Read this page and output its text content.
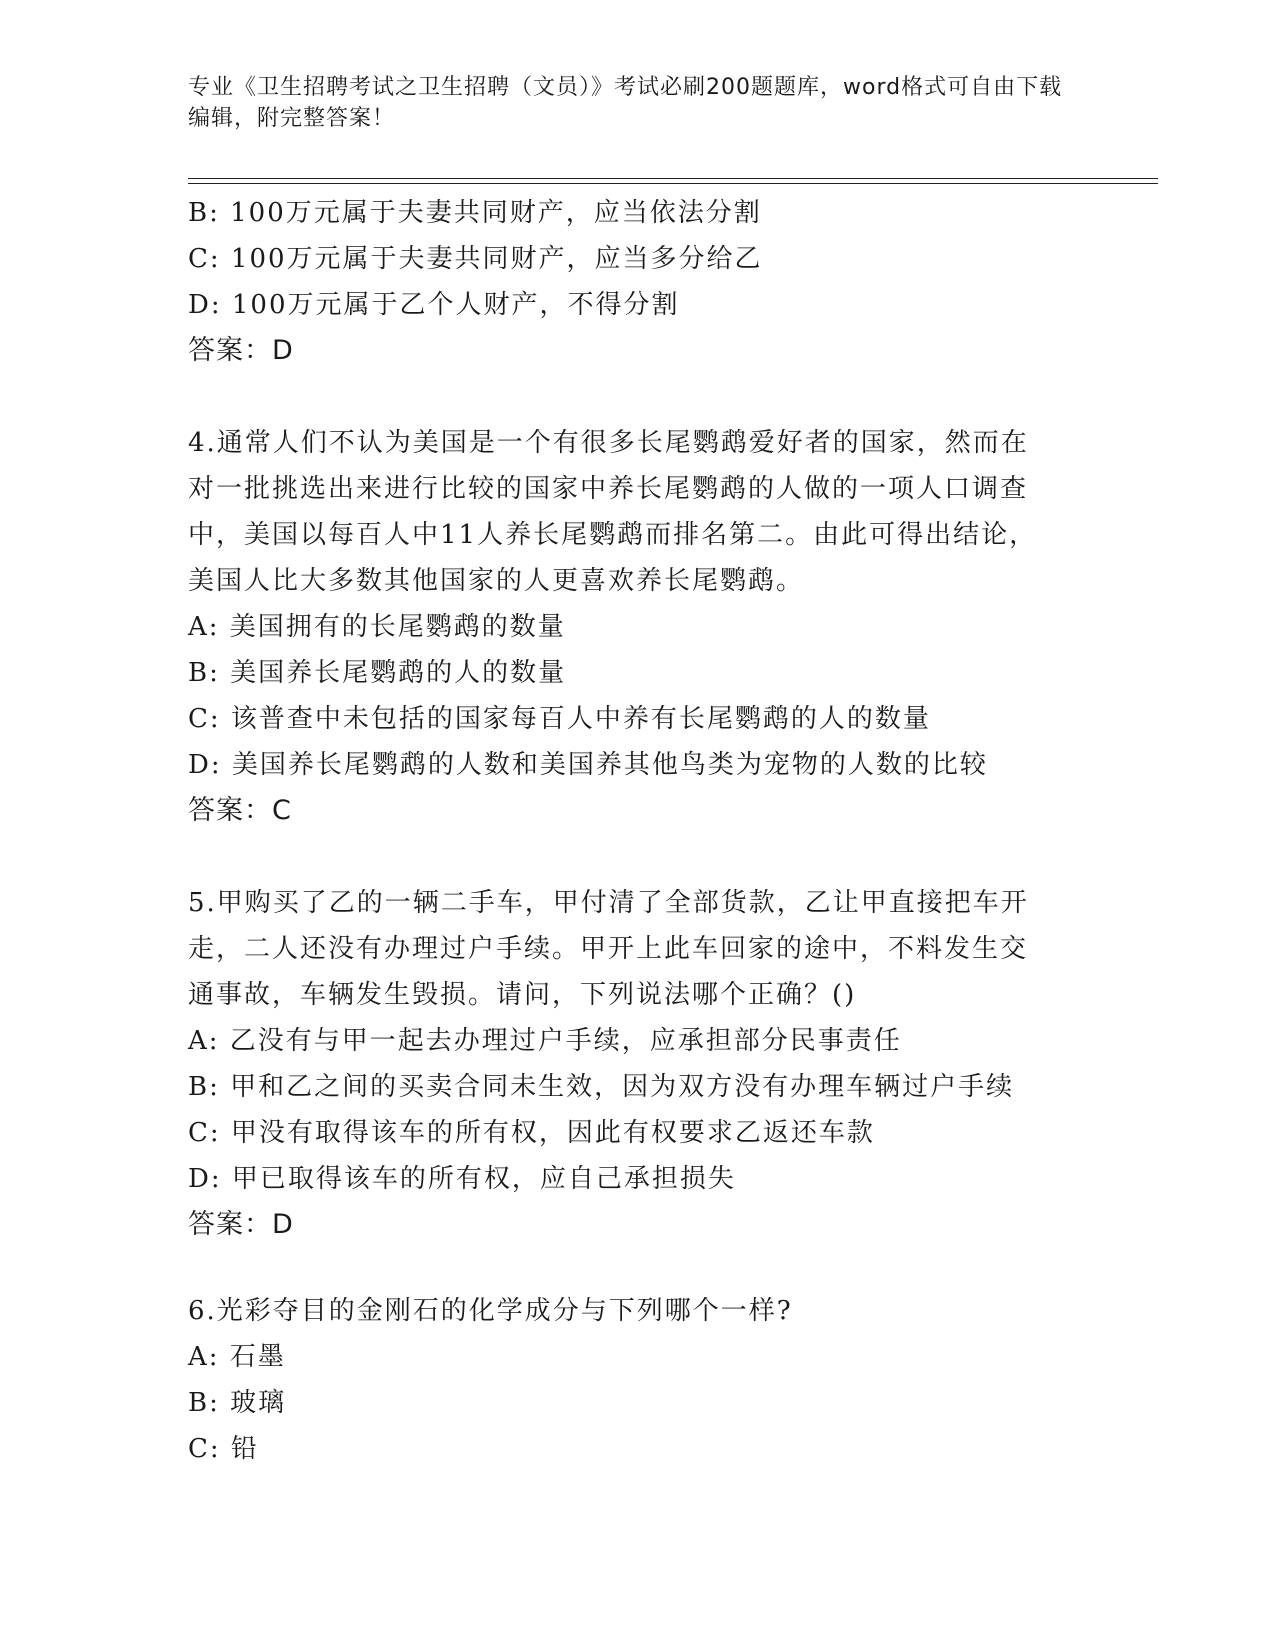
专业《卫生招聘考试之卫生招聘（文员）》考试必刷200题题库，word格式可自由下载编辑，附完整答案！
B: 100万元属于夫妻共同财产，应当依法分割
C: 100万元属于夫妻共同财产，应当多分给乙
D: 100万元属于乙个人财产，不得分割
答案：D
4.通常人们不认为美国是一个有很多长尾鹦鹉爱好者的国家，然而在
对一批挑选出来进行比较的国家中养长尾鹦鹉的人做的一项人口调查
中，美国以每百人中11人养长尾鹦鹉而排名第二。由此可得出结论，
美国人比大多数其他国家的人更喜欢养长尾鹦鹉。
A: 美国拥有的长尾鹦鹉的数量
B: 美国养长尾鹦鹉的人的数量
C: 该普查中未包括的国家每百人中养有长尾鹦鹉的人的数量
D: 美国养长尾鹦鹉的人数和美国养其他鸟类为宠物的人数的比较
答案：C
5.甲购买了乙的一辆二手车，甲付清了全部货款，乙让甲直接把车开
走，二人还没有办理过户手续。甲开上此车回家的途中，不料发生交
通事故，车辆发生毁损。请问，下列说法哪个正确？()
A: 乙没有与甲一起去办理过户手续，应承担部分民事责任
B: 甲和乙之间的买卖合同未生效，因为双方没有办理车辆过户手续
C: 甲没有取得该车的所有权，因此有权要求乙返还车款
D: 甲已取得该车的所有权，应自己承担损失
答案：D
6.光彩夺目的金刚石的化学成分与下列哪个一样?
A: 石墨
B: 玻璃
C: 铅
